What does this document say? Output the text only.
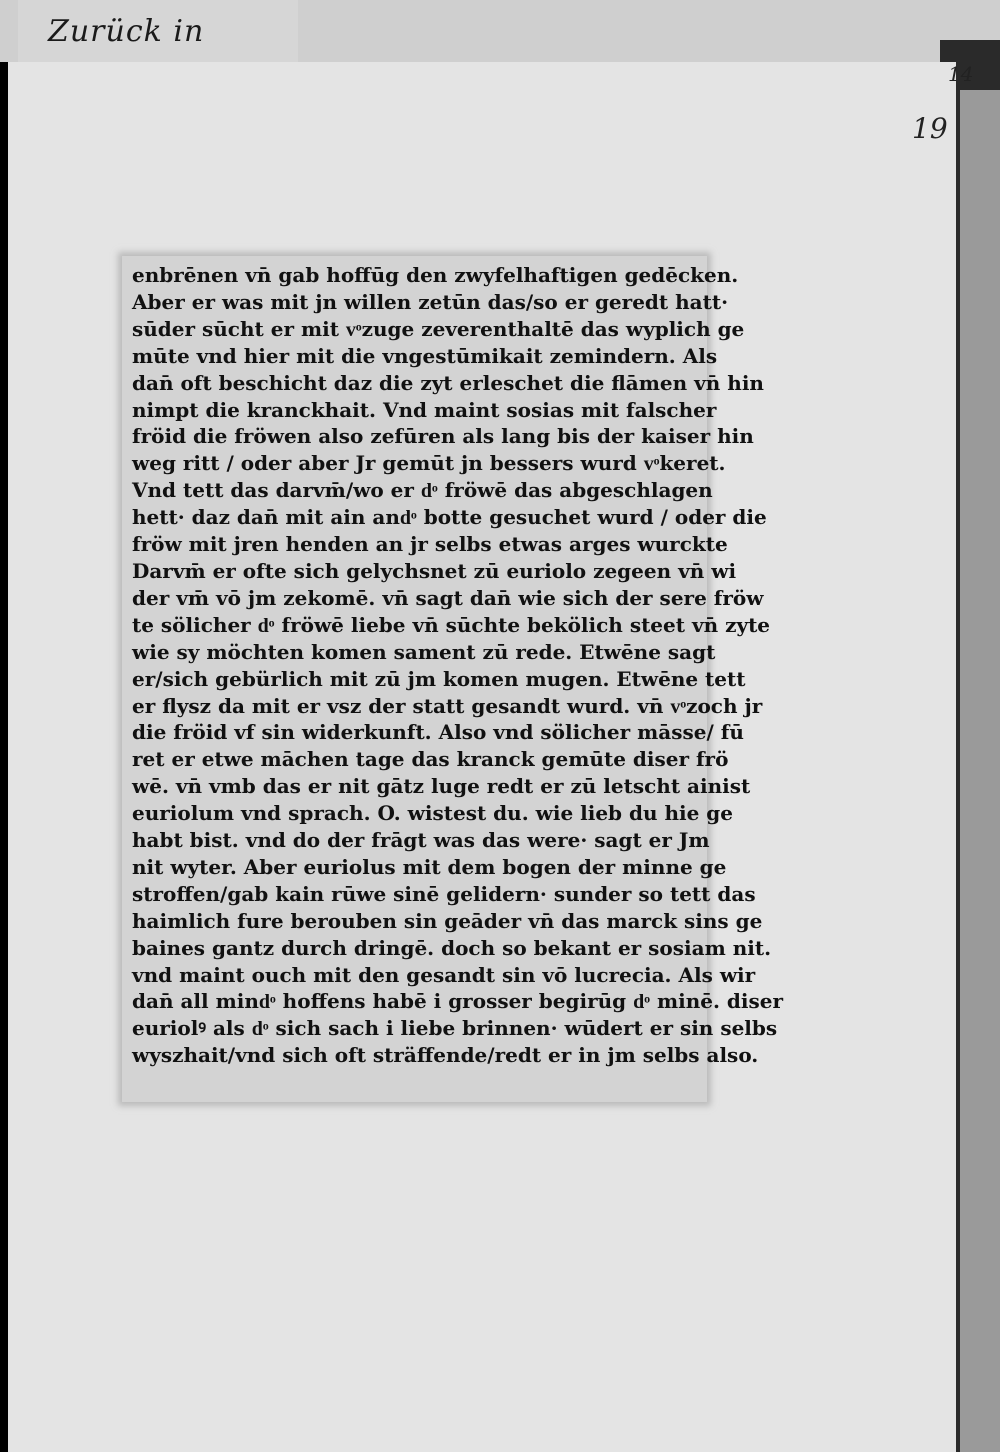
Zurück in
14
19
enbrēnen vn̄ gab hoffūg den zwyfelhaftigen gedēcken.
Aber er was mit jn willen zetūn das/so er geredt hatt·
sūder sūcht er mit vͦzuge zeverenthaltē das wyplich ge
mūte vnd hier mit die vngestūmikait zemindern. Als
dan̄ oft beschicht daz die zyt erleschet die flāmen vn̄ hin
nimpt die kranckhait. Vnd maint sosias mit falscher
fröid die fröwen also zefūren als lang bis der kaiser hin
weg ritt / oder aber Jr gemūt jn bessers wurd vͦkeret.
Vnd tett das darvm̄/wo er dͦ fröwē das abgeschlagen
hett· daz dan̄ mit ain andͦ botte gesuchet wurd / oder die
fröw mit jren henden an jr selbs etwas arges wurckte
Darvm̄ er ofte sich gelychsnet zū euriolo zegeen vn̄ wi
der vm̄ vō jm zekomē. vn̄ sagt dan̄ wie sich der sere fröw
te sölicher dͦ fröwē liebe vn̄ sūchte bekölich steet vn̄ zyte
wie sy möchten komen sament zū rede. Etwēne sagt
er/sich gebürlich mit zū jm komen mugen. Etwēne tett
er flysz da mit er vsz der statt gesandt wurd. vn̄ vͦzoch jr
die fröid vf sin widerkunft. Also vnd sölicher māsse/ fū
ret er etwe māchen tage das kranck gemūte diser frö
wē. vn̄ vmb das er nit gātz luge redt er zū letscht ainist
euriolum vnd sprach. O. wistest du. wie lieb du hie ge
habt bist. vnd do der frāgt was das were· sagt er Jm
nit wyter. Aber euriolus mit dem bogen der minne ge
stroffen/gab kain rūwe sinē gelidern· sunder so tett das
haimlich fure berouben sin geāder vn̄ das marck sins ge
baines gantz durch dringē. doch so bekant er sosiam nit.
vnd maint ouch mit den gesandt sin vō lucrecia. Als wir
dan̄ all mindͦ hoffens habē i grosser begirūg dͦ minē. diser
euriolꝰ als dͦ sich sach i liebe brinnen· wūdert er sin selbs
wyszhait/vnd sich oft sträffende/redt er in jm selbs also.
